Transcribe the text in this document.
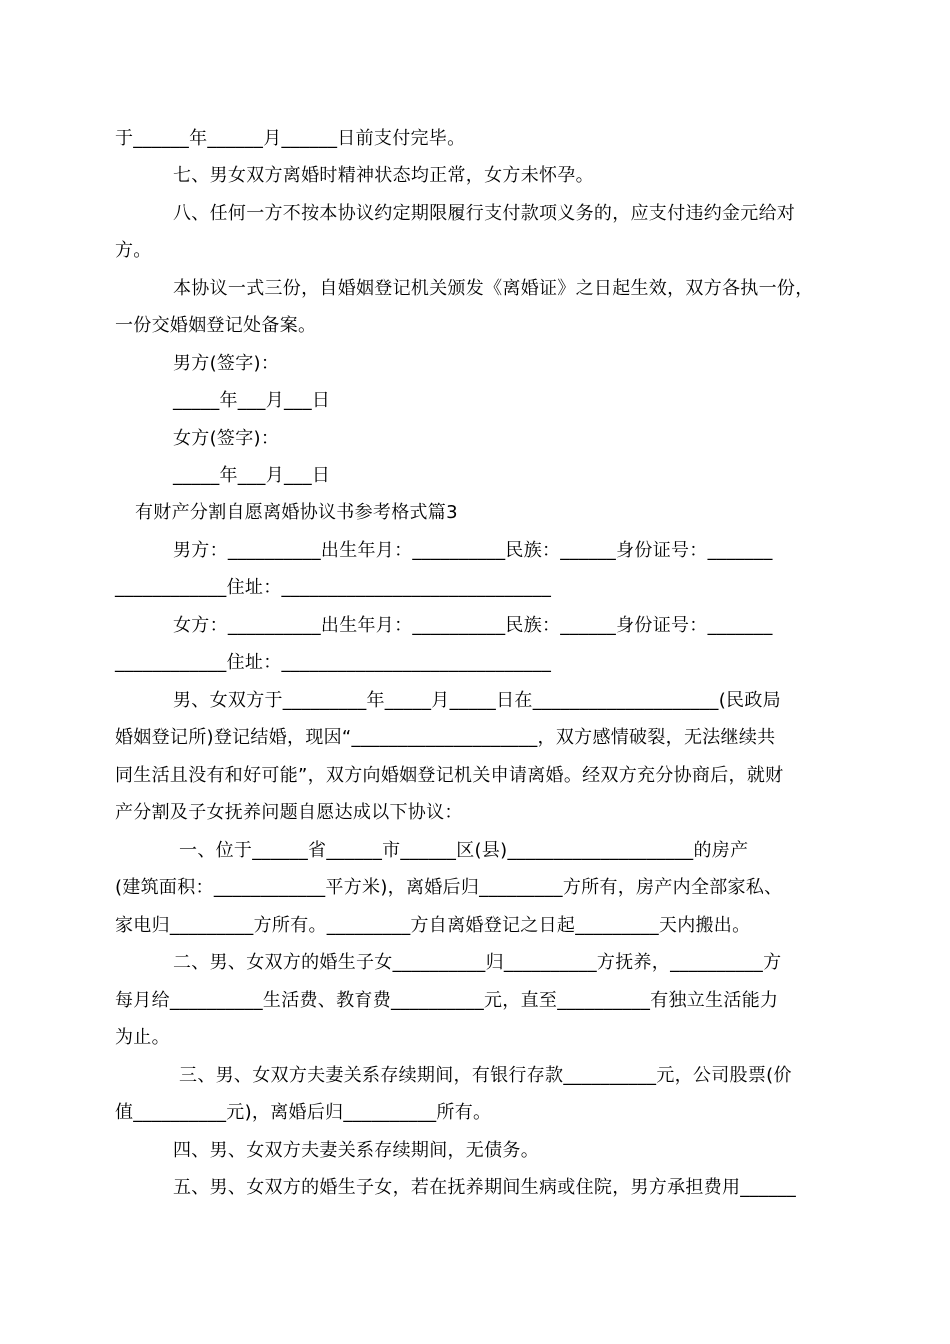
于______年______月______日前支付完毕。
七、男女双方离婚时精神状态均正常，女方未怀孕。
八、任何一方不按本协议约定期限履行支付款项义务的，应支付违约金元给对
方。
本协议一式三份，自婚姻登记机关颁发《离婚证》之日起生效，双方各执一份，
一份交婚姻登记处备案。
男方(签字)：
_____年___月___日
女方(签字)：
_____年___月___日
有财产分割自愿离婚协议书参考格式篇3
男方：__________出生年月：__________民族：______身份证号：_______
____________住址：_____________________________
女方：__________出生年月：__________民族：______身份证号：_______
____________住址：_____________________________
男、女双方于_________年_____月_____日在____________________(民政局
婚姻登记所)登记结婚，现因“____________________，双方感情破裂，无法继续共
同生活且没有和好可能”，双方向婚姻登记机关申请离婚。经双方充分协商后，就财
产分割及子女抚养问题自愿达成以下协议：
一、位于______省______市______区(县)____________________的房产
(建筑面积：____________平方米)，离婚后归_________方所有，房产内全部家私、
家电归_________方所有。_________方自离婚登记之日起_________天内搬出。
二、男、女双方的婚生子女__________归__________方抚养，__________方
每月给__________生活费、教育费__________元，直至__________有独立生活能力
为止。
三、男、女双方夫妻关系存续期间，有银行存款__________元，公司股票(价
值__________元)，离婚后归__________所有。
四、男、女双方夫妻关系存续期间，无债务。
五、男、女双方的婚生子女，若在抚养期间生病或住院，男方承担费用______
